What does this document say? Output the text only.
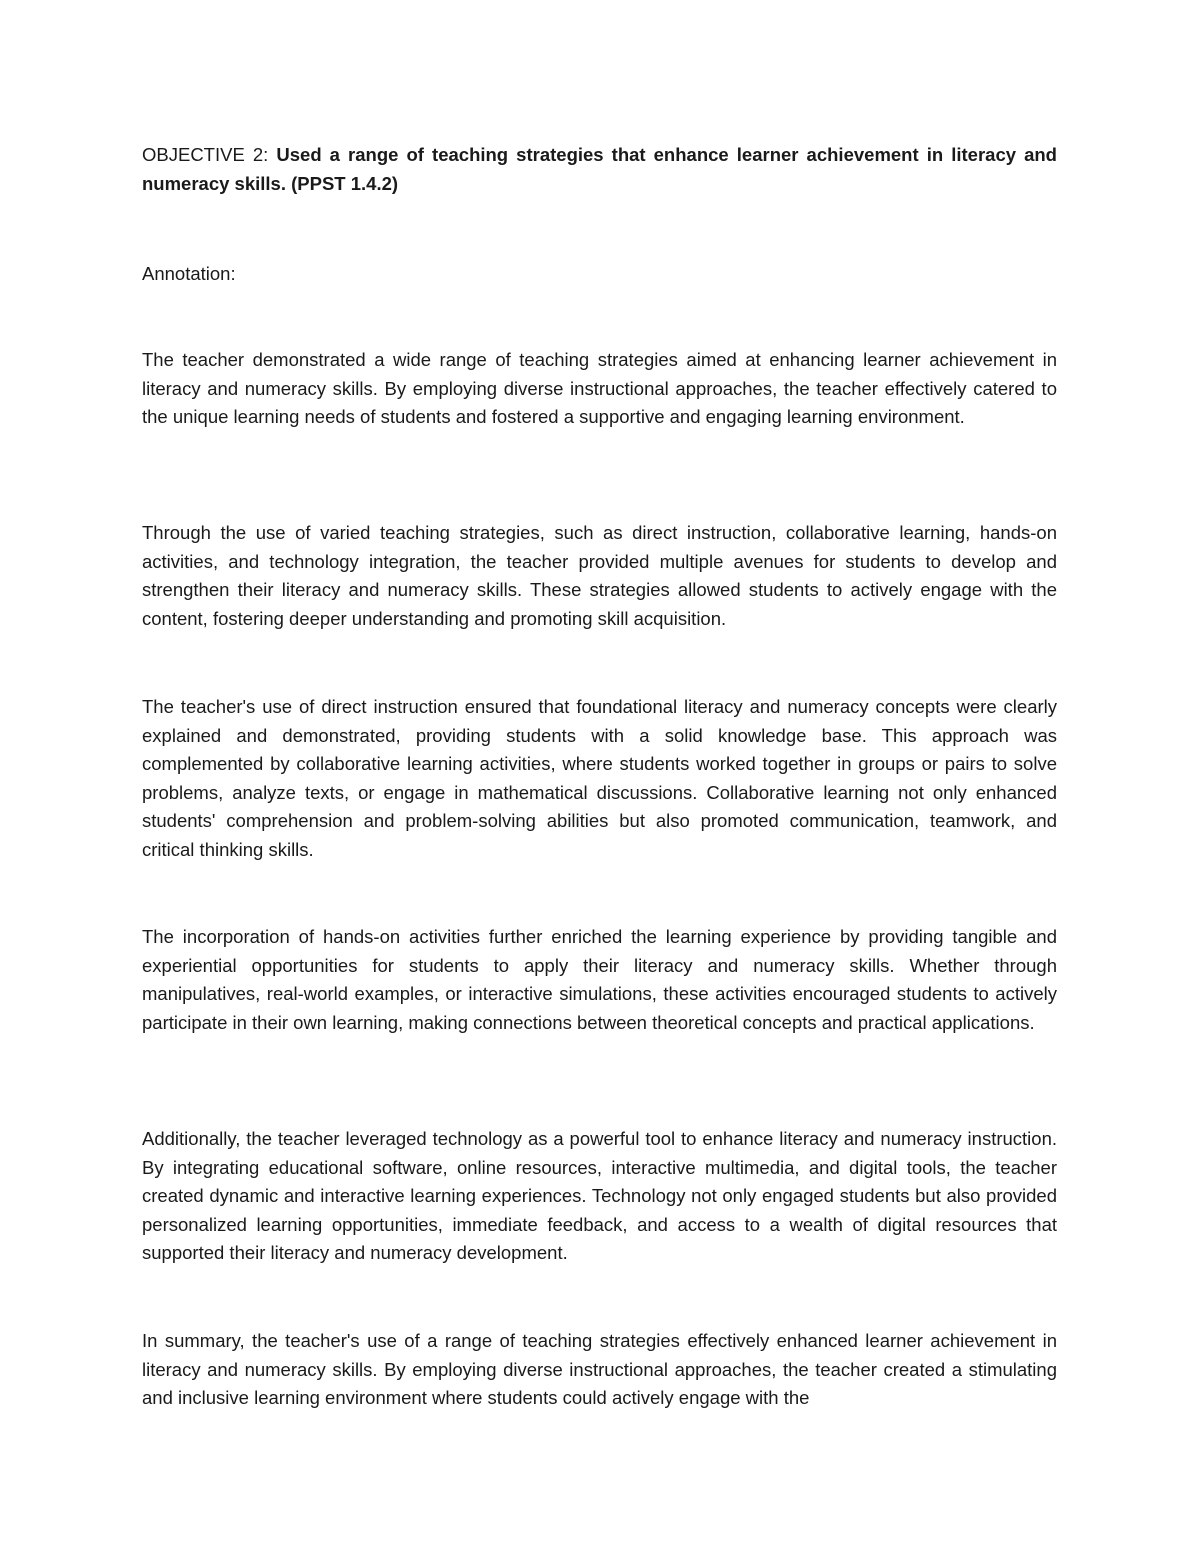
OBJECTIVE 2: Used a range of teaching strategies that enhance learner achievement in literacy and numeracy skills. (PPST 1.4.2)

Annotation:

The teacher demonstrated a wide range of teaching strategies aimed at enhancing learner achievement in literacy and numeracy skills. By employing diverse instructional approaches, the teacher effectively catered to the unique learning needs of students and fostered a supportive and engaging learning environment.

Through the use of varied teaching strategies, such as direct instruction, collaborative learning, hands-on activities, and technology integration, the teacher provided multiple avenues for students to develop and strengthen their literacy and numeracy skills. These strategies allowed students to actively engage with the content, fostering deeper understanding and promoting skill acquisition.

The teacher's use of direct instruction ensured that foundational literacy and numeracy concepts were clearly explained and demonstrated, providing students with a solid knowledge base. This approach was complemented by collaborative learning activities, where students worked together in groups or pairs to solve problems, analyze texts, or engage in mathematical discussions. Collaborative learning not only enhanced students' comprehension and problem-solving abilities but also promoted communication, teamwork, and critical thinking skills.

The incorporation of hands-on activities further enriched the learning experience by providing tangible and experiential opportunities for students to apply their literacy and numeracy skills. Whether through manipulatives, real-world examples, or interactive simulations, these activities encouraged students to actively participate in their own learning, making connections between theoretical concepts and practical applications.

Additionally, the teacher leveraged technology as a powerful tool to enhance literacy and numeracy instruction. By integrating educational software, online resources, interactive multimedia, and digital tools, the teacher created dynamic and interactive learning experiences. Technology not only engaged students but also provided personalized learning opportunities, immediate feedback, and access to a wealth of digital resources that supported their literacy and numeracy development.

In summary, the teacher's use of a range of teaching strategies effectively enhanced learner achievement in literacy and numeracy skills. By employing diverse instructional approaches, the teacher created a stimulating and inclusive learning environment where students could actively engage with the
